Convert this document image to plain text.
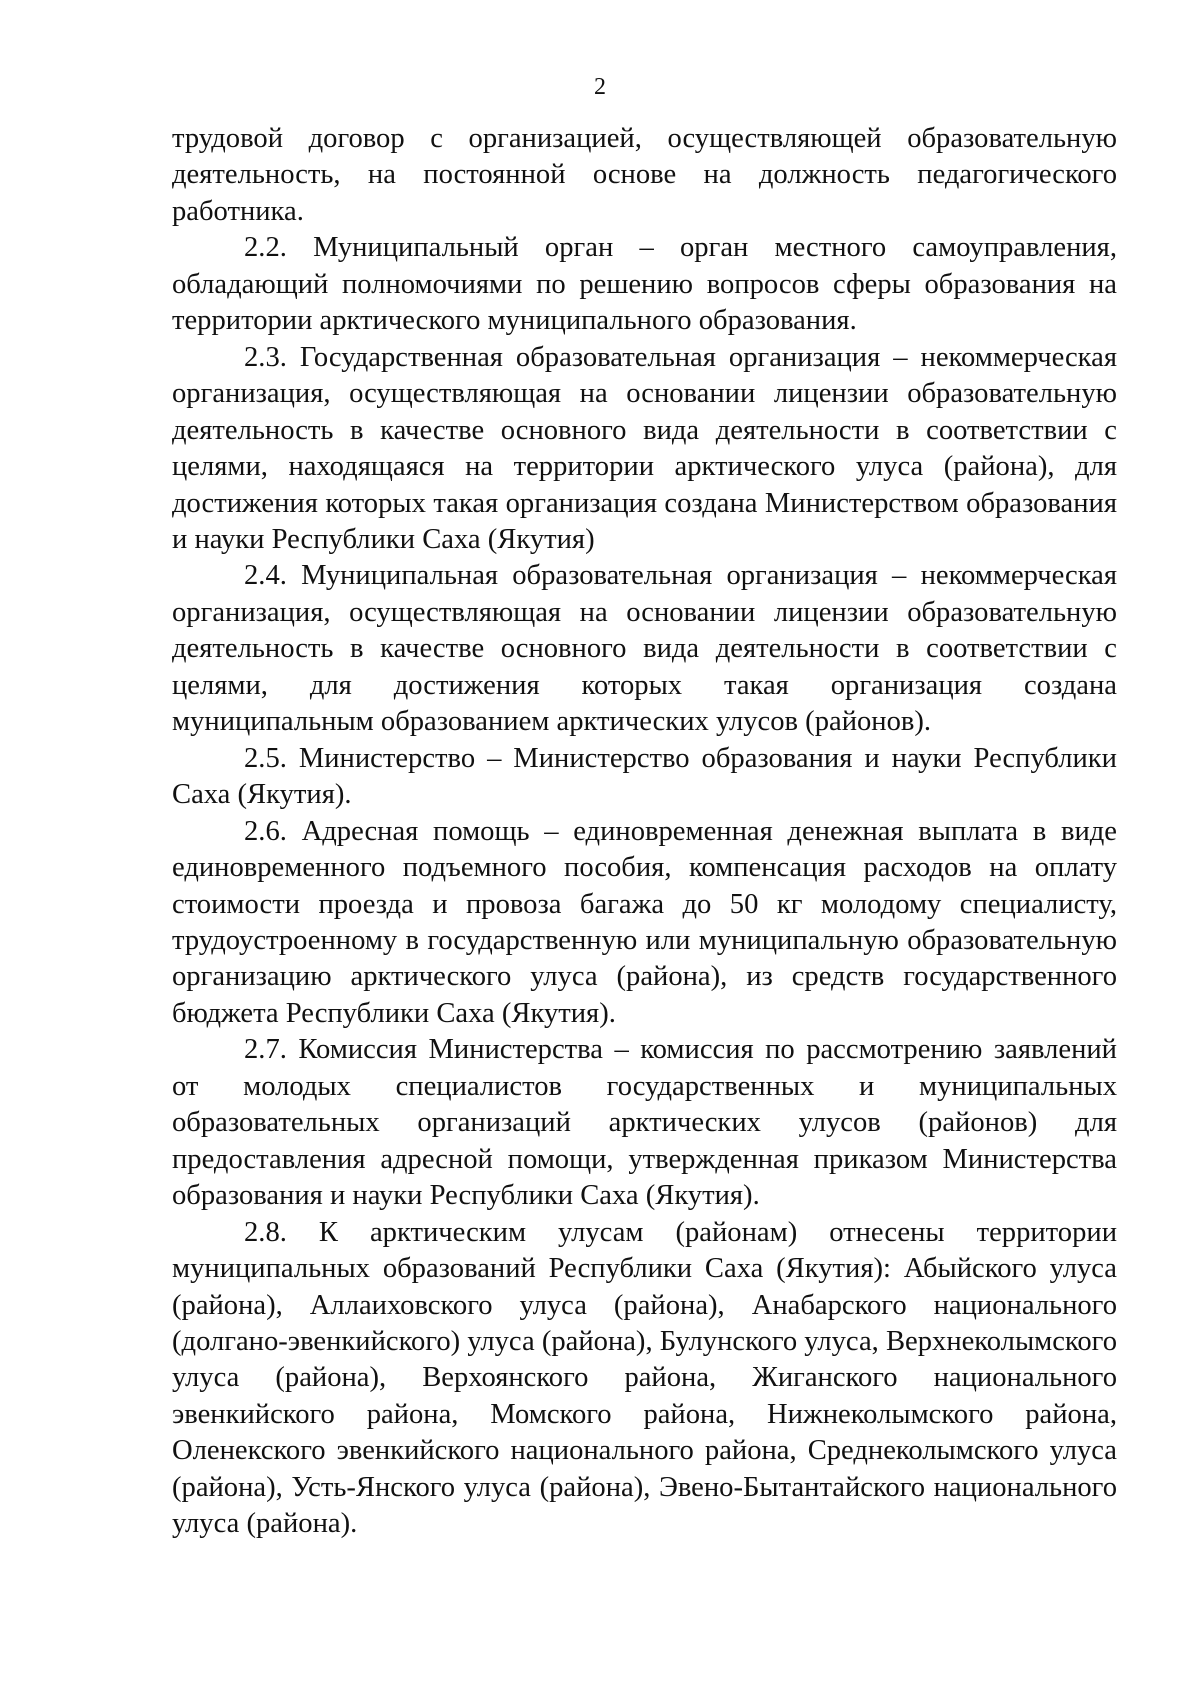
2

трудовой договор с организацией, осуществляющей образовательную деятельность, на постоянной основе на должность педагогического работника.

2.2. Муниципальный орган – орган местного самоуправления, обладающий полномочиями по решению вопросов сферы образования на территории арктического муниципального образования.

2.3. Государственная образовательная организация – некоммерческая организация, осуществляющая на основании лицензии образовательную деятельность в качестве основного вида деятельности в соответствии с целями, находящаяся на территории арктического улуса (района), для достижения которых такая организация создана Министерством образования и науки Республики Саха (Якутия)

2.4. Муниципальная образовательная организация – некоммерческая организация, осуществляющая на основании лицензии образовательную деятельность в качестве основного вида деятельности в соответствии с целями, для достижения которых такая организация создана муниципальным образованием арктических улусов (районов).

2.5. Министерство – Министерство образования и науки Республики Саха (Якутия).

2.6. Адресная помощь – единовременная денежная выплата в виде единовременного подъемного пособия, компенсация расходов на оплату стоимости проезда и провоза багажа до 50 кг молодому специалисту, трудоустроенному в государственную или муниципальную образовательную организацию арктического улуса (района), из средств государственного бюджета Республики Саха (Якутия).

2.7. Комиссия Министерства – комиссия по рассмотрению заявлений от молодых специалистов государственных и муниципальных образовательных организаций арктических улусов (районов) для предоставления адресной помощи, утвержденная приказом Министерства образования и науки Республики Саха (Якутия).

2.8. К арктическим улусам (районам) отнесены территории муниципальных образований Республики Саха (Якутия): Абыйского улуса (района), Аллаиховского улуса (района), Анабарского национального (долгано-эвенкийского) улуса (района), Булунского улуса, Верхнеколымского улуса (района), Верхоянского района, Жиганского национального эвенкийского района, Момского района, Нижнеколымского района, Оленекского эвенкийского национального района, Среднеколымского улуса (района), Усть-Янского улуса (района), Эвено-Бытантайского национального улуса (района).
